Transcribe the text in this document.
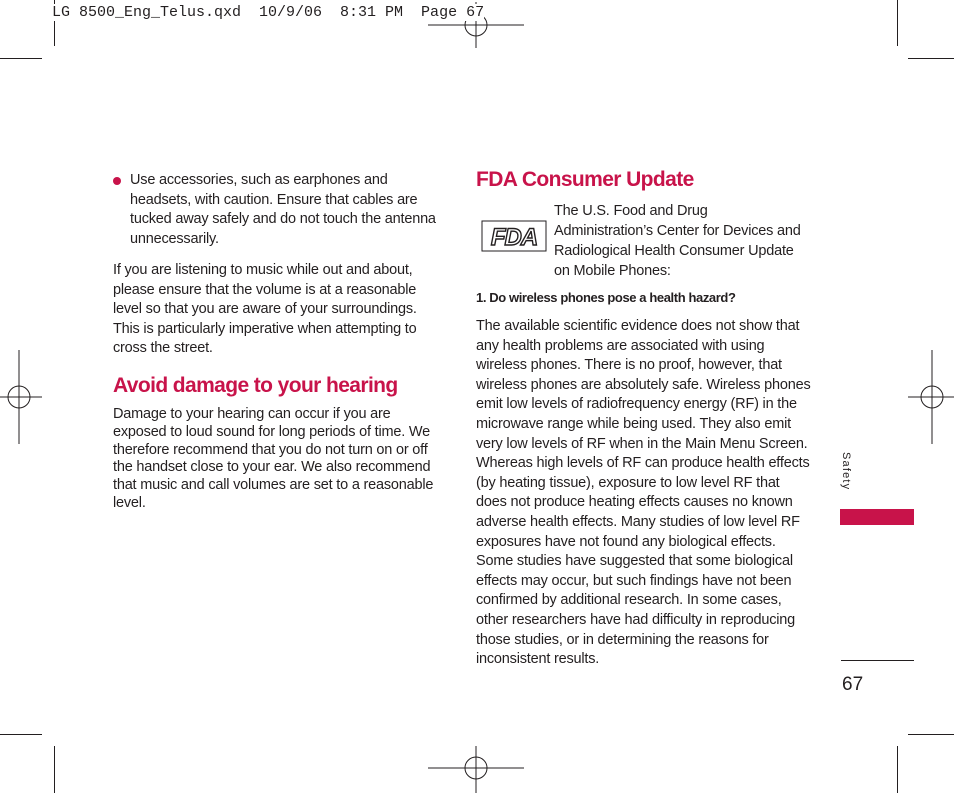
LG 8500_Eng_Telus.qxd  10/9/06  8:31 PM  Page 67
Use accessories, such as earphones and headsets, with caution. Ensure that cables are tucked away safely and do not touch the antenna unnecessarily.
If you are listening to music while out and about, please ensure that the volume is at a reasonable level so that you are aware of your surroundings. This is particularly imperative when attempting to cross the street.
Avoid damage to your hearing
Damage to your hearing can occur if you are exposed to loud sound for long periods of time. We therefore recommend that you do not turn on or off the handset close to your ear. We also recommend that music and call volumes are set to a reasonable level.
FDA Consumer Update
FDA
The U.S. Food and Drug Administration’s Center for Devices and Radiological Health Consumer Update on Mobile Phones:
1. Do wireless phones pose a health hazard?
The available scientific evidence does not show that any health problems are associated with using wireless phones. There is no proof, however, that wireless phones are absolutely safe. Wireless phones emit low levels of radiofrequency energy (RF) in the microwave range while being used. They also emit very low levels of RF when in the Main Menu Screen. Whereas high levels of RF can produce health effects (by heating tissue), exposure to low level RF that does not produce heating effects causes no known adverse health effects. Many studies of low level RF exposures have not found any biological effects. Some studies have suggested that some biological effects may occur, but such findings have not been confirmed by additional research. In some cases, other researchers have had difficulty in reproducing those studies, or in determining the reasons for inconsistent results.
Safety
67
